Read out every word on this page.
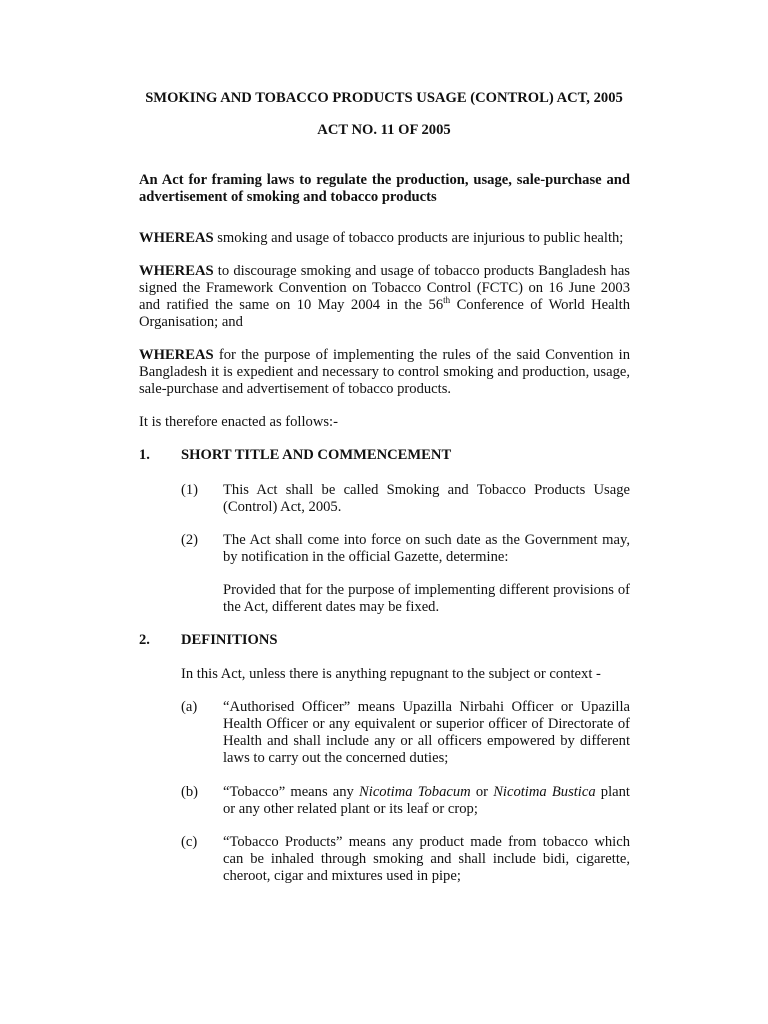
SMOKING AND TOBACCO PRODUCTS USAGE (CONTROL) ACT, 2005
ACT NO. 11 OF 2005
An Act for framing laws to regulate the production, usage, sale-purchase and advertisement of smoking and tobacco products
WHEREAS smoking and usage of tobacco products are injurious to public health;
WHEREAS to discourage smoking and usage of tobacco products Bangladesh has signed the Framework Convention on Tobacco Control (FCTC) on 16 June 2003 and ratified the same on 10 May 2004 in the 56th Conference of World Health Organisation; and
WHEREAS for the purpose of implementing the rules of the said Convention in Bangladesh it is expedient and necessary to control smoking and production, usage, sale-purchase and advertisement of tobacco products.
It is therefore enacted as follows:-
1. SHORT TITLE AND COMMENCEMENT
(1) This Act shall be called Smoking and Tobacco Products Usage (Control) Act, 2005.
(2) The Act shall come into force on such date as the Government may, by notification in the official Gazette, determine:
Provided that for the purpose of implementing different provisions of the Act, different dates may be fixed.
2. DEFINITIONS
In this Act, unless there is anything repugnant to the subject or context -
(a) “Authorised Officer” means Upazilla Nirbahi Officer or Upazilla Health Officer or any equivalent or superior officer of Directorate of Health and shall include any or all officers empowered by different laws to carry out the concerned duties;
(b) “Tobacco” means any Nicotima Tobacum or Nicotima Bustica plant or any other related plant or its leaf or crop;
(c) “Tobacco Products” means any product made from tobacco which can be inhaled through smoking and shall include bidi, cigarette, cheroot, cigar and mixtures used in pipe;
